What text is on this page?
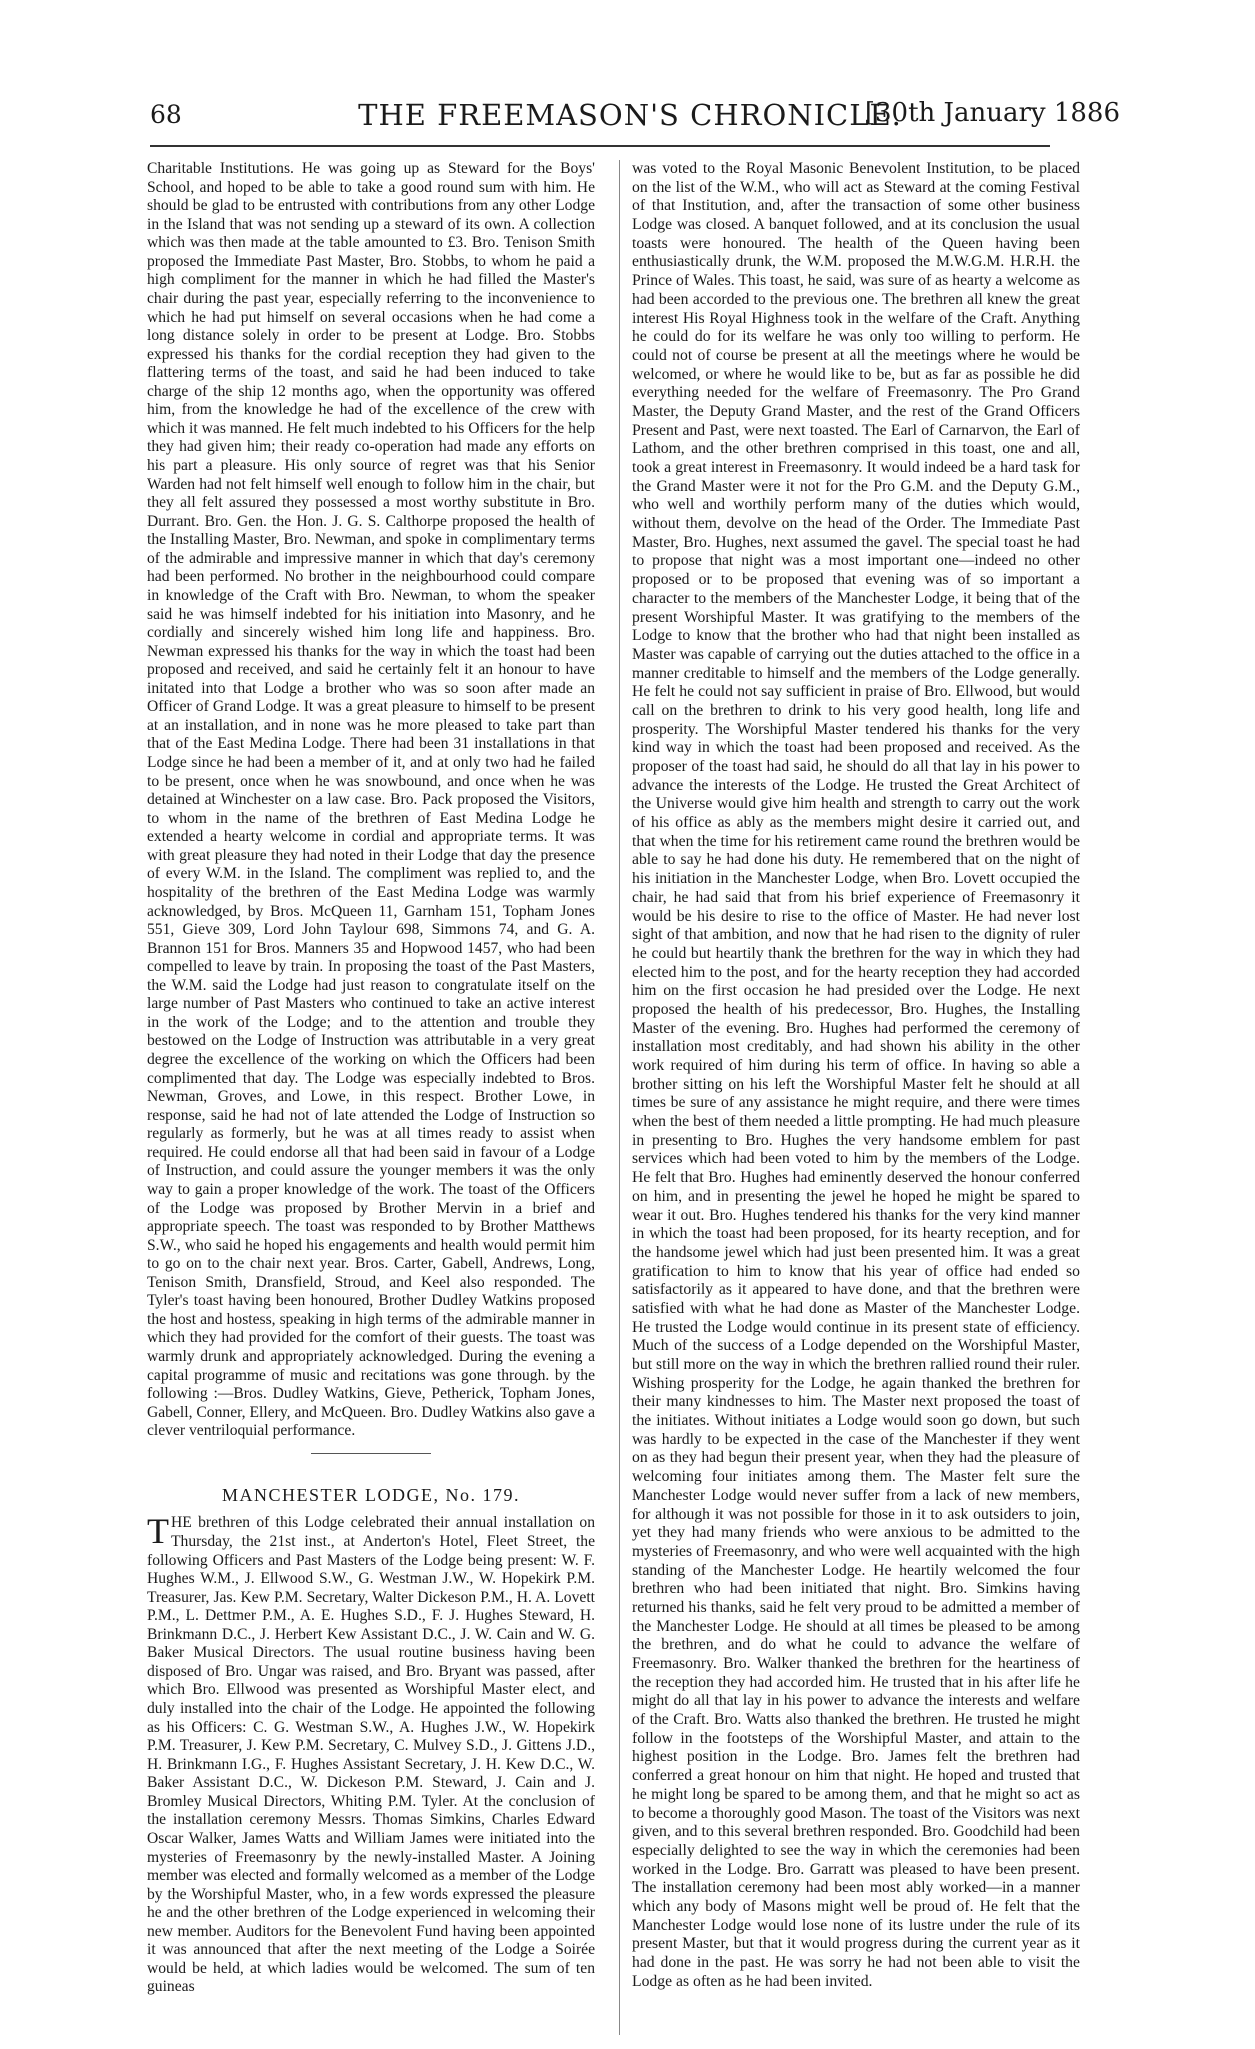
68	THE FREEMASON'S CHRONICLE.
[30th January 1886

Charitable Institutions. He was going up as Steward for the Boys' School, and hoped to be able to take a good round sum with him. He should be glad to be entrusted with contributions from any other Lodge in the Island that was not sending up a steward of its own. A collection which was then made at the table amounted to £3. Bro. Tenison Smith proposed the Immediate Past Master, Bro. Stobbs, to whom he paid a high compliment for the manner in which he had filled the Master's chair during the past year, especially referring to the inconvenience to which he had put himself on several occasions when he had come a long distance solely in order to be present at Lodge. Bro. Stobbs expressed his thanks for the cordial reception they had given to the flattering terms of the toast, and said he had been induced to take charge of the ship 12 months ago, when the opportunity was offered him, from the knowledge he had of the excellence of the crew with which it was manned. He felt much indebted to his Officers for the help they had given him; their ready co-operation had made any efforts on his part a pleasure. His only source of regret was that his Senior Warden had not felt himself well enough to follow him in the chair, but they all felt assured they possessed a most worthy substitute in Bro. Durrant. Bro. Gen. the Hon. J. G. S. Calthorpe proposed the health of the Installing Master, Bro. Newman, and spoke in complimentary terms of the admirable and impressive manner in which that day's ceremony had been performed. No brother in the neighbourhood could compare in knowledge of the Craft with Bro. Newman, to whom the speaker said he was himself indebted for his initiation into Masonry, and he cordially and sincerely wished him long life and happiness. Bro. Newman expressed his thanks for the way in which the toast had been proposed and received, and said he certainly felt it an honour to have initated into that Lodge a brother who was so soon after made an Officer of Grand Lodge. It was a great pleasure to himself to be present at an installation, and in none was he more pleased to take part than that of the East Medina Lodge. There had been 31 installations in that Lodge since he had been a member of it, and at only two had he failed to be present, once when he was snowbound, and once when he was detained at Winchester on a law case. Bro. Pack proposed the Visitors, to whom in the name of the brethren of East Medina Lodge he extended a hearty welcome in cordial and appropriate terms. It was with great pleasure they had noted in their Lodge that day the presence of every W.M. in the Island. The compliment was replied to, and the hospitality of the brethren of the East Medina Lodge was warmly acknowledged, by Bros. McQueen 11, Garnham 151, Topham Jones 551, Gieve 309, Lord John Taylour 698, Simmons 74, and G. A. Brannon 151 for Bros. Manners 35 and Hopwood 1457, who had been compelled to leave by train. In proposing the toast of the Past Masters, the W.M. said the Lodge had just reason to congratulate itself on the large number of Past Masters who continued to take an active interest in the work of the Lodge; and to the attention and trouble they bestowed on the Lodge of Instruction was attributable in a very great degree the excellence of the working on which the Officers had been complimented that day. The Lodge was especially indebted to Bros. Newman, Groves, and Lowe, in this respect. Brother Lowe, in response, said he had not of late attended the Lodge of Instruction so regularly as formerly, but he was at all times ready to assist when required. He could endorse all that had been said in favour of a Lodge of Instruction, and could assure the younger members it was the only way to gain a proper knowledge of the work. The toast of the Officers of the Lodge was proposed by Brother Mervin in a brief and appropriate speech. The toast was responded to by Brother Matthews S.W., who said he hoped his engagements and health would permit him to go on to the chair next year. Bros. Carter, Gabell, Andrews, Long, Tenison Smith, Dransfield, Stroud, and Keel also responded. The Tyler's toast having been honoured, Brother Dudley Watkins proposed the host and hostess, speaking in high terms of the admirable manner in which they had provided for the comfort of their guests. The toast was warmly drunk and appropriately acknowledged. During the evening a capital programme of music and recitations was gone through. by the following :—Bros. Dudley Watkins, Gieve, Petherick, Topham Jones, Gabell, Conner, Ellery, and McQueen. Bro. Dudley Watkins also gave a clever ventriloquial performance.

MANCHESTER LODGE, No. 179.

THE brethren of this Lodge celebrated their annual installation on Thursday, the 21st inst., at Anderton's Hotel, Fleet Street, the following Officers and Past Masters of the Lodge being present: W. F. Hughes W.M., J. Ellwood S.W., G. Westman J.W., W. Hopekirk P.M. Treasurer, Jas. Kew P.M. Secretary, Walter Dickeson P.M., H. A. Lovett P.M., L. Dettmer P.M., A. E. Hughes S.D., F. J. Hughes Steward, H. Brinkmann D.C., J. Herbert Kew Assistant D.C., J. W. Cain and W. G. Baker Musical Directors. The usual routine business having been disposed of Bro. Ungar was raised, and Bro. Bryant was passed, after which Bro. Ellwood was presented as Worshipful Master elect, and duly installed into the chair of the Lodge. He appointed the following as his Officers: C. G. Westman S.W., A. Hughes J.W., W. Hopekirk P.M. Treasurer, J. Kew P.M. Secretary, C. Mulvey S.D., J. Gittens J.D., H. Brinkmann I.G., F. Hughes Assistant Secretary, J. H. Kew D.C., W. Baker Assistant D.C., W. Dickeson P.M. Steward, J. Cain and J. Bromley Musical Directors, Whiting P.M. Tyler. At the conclusion of the installation ceremony Messrs. Thomas Simkins, Charles Edward Oscar Walker, James Watts and William James were initiated into the mysteries of Freemasonry by the newly-installed Master. A Joining member was elected and formally welcomed as a member of the Lodge by the Worshipful Master, who, in a few words expressed the pleasure he and the other brethren of the Lodge experienced in welcoming their new member. Auditors for the Benevolent Fund having been appointed it was announced that after the next meeting of the Lodge a Soirée would be held, at which ladies would be welcomed. The sum of ten guineas

was voted to the Royal Masonic Benevolent Institution, to be placed on the list of the W.M., who will act as Steward at the coming Festival of that Institution, and, after the transaction of some other business Lodge was closed. A banquet followed, and at its conclusion the usual toasts were honoured. The health of the Queen having been enthusiastically drunk, the W.M. proposed the M.W.G.M. H.R.H. the Prince of Wales. This toast, he said, was sure of as hearty a welcome as had been accorded to the previous one. The brethren all knew the great interest His Royal Highness took in the welfare of the Craft. Anything he could do for its welfare he was only too willing to perform. He could not of course be present at all the meetings where he would be welcomed, or where he would like to be, but as far as possible he did everything needed for the welfare of Freemasonry. The Pro Grand Master, the Deputy Grand Master, and the rest of the Grand Officers Present and Past, were next toasted. The Earl of Carnarvon, the Earl of Lathom, and the other brethren comprised in this toast, one and all, took a great interest in Freemasonry. It would indeed be a hard task for the Grand Master were it not for the Pro G.M. and the Deputy G.M., who well and worthily perform many of the duties which would, without them, devolve on the head of the Order. The Immediate Past Master, Bro. Hughes, next assumed the gavel. The special toast he had to propose that night was a most important one—indeed no other proposed or to be proposed that evening was of so important a character to the members of the Manchester Lodge, it being that of the present Worshipful Master. It was gratifying to the members of the Lodge to know that the brother who had that night been installed as Master was capable of carrying out the duties attached to the office in a manner creditable to himself and the members of the Lodge generally. He felt he could not say sufficient in praise of Bro. Ellwood, but would call on the brethren to drink to his very good health, long life and prosperity. The Worshipful Master tendered his thanks for the very kind way in which the toast had been proposed and received. As the proposer of the toast had said, he should do all that lay in his power to advance the interests of the Lodge. He trusted the Great Architect of the Universe would give him health and strength to carry out the work of his office as ably as the members might desire it carried out, and that when the time for his retirement came round the brethren would be able to say he had done his duty. He remembered that on the night of his initiation in the Manchester Lodge, when Bro. Lovett occupied the chair, he had said that from his brief experience of Freemasonry it would be his desire to rise to the office of Master. He had never lost sight of that ambition, and now that he had risen to the dignity of ruler he could but heartily thank the brethren for the way in which they had elected him to the post, and for the hearty reception they had accorded him on the first occasion he had presided over the Lodge. He next proposed the health of his predecessor, Bro. Hughes, the Installing Master of the evening. Bro. Hughes had performed the ceremony of installation most creditably, and had shown his ability in the other work required of him during his term of office. In having so able a brother sitting on his left the Worshipful Master felt he should at all times be sure of any assistance he might require, and there were times when the best of them needed a little prompting. He had much pleasure in presenting to Bro. Hughes the very handsome emblem for past services which had been voted to him by the members of the Lodge. He felt that Bro. Hughes had eminently deserved the honour conferred on him, and in presenting the jewel he hoped he might be spared to wear it out. Bro. Hughes tendered his thanks for the very kind manner in which the toast had been proposed, for its hearty reception, and for the handsome jewel which had just been presented him. It was a great gratification to him to know that his year of office had ended so satisfactorily as it appeared to have done, and that the brethren were satisfied with what he had done as Master of the Manchester Lodge. He trusted the Lodge would continue in its present state of efficiency. Much of the success of a Lodge depended on the Worshipful Master, but still more on the way in which the brethren rallied round their ruler. Wishing prosperity for the Lodge, he again thanked the brethren for their many kindnesses to him. The Master next proposed the toast of the initiates. Without initiates a Lodge would soon go down, but such was hardly to be expected in the case of the Manchester if they went on as they had begun their present year, when they had the pleasure of welcoming four initiates among them. The Master felt sure the Manchester Lodge would never suffer from a lack of new members, for although it was not possible for those in it to ask outsiders to join, yet they had many friends who were anxious to be admitted to the mysteries of Freemasonry, and who were well acquainted with the high standing of the Manchester Lodge. He heartily welcomed the four brethren who had been initiated that night. Bro. Simkins having returned his thanks, said he felt very proud to be admitted a member of the Manchester Lodge. He should at all times be pleased to be among the brethren, and do what he could to advance the welfare of Freemasonry. Bro. Walker thanked the brethren for the heartiness of the reception they had accorded him. He trusted that in his after life he might do all that lay in his power to advance the interests and welfare of the Craft. Bro. Watts also thanked the brethren. He trusted he might follow in the footsteps of the Worshipful Master, and attain to the highest position in the Lodge. Bro. James felt the brethren had conferred a great honour on him that night. He hoped and trusted that he might long be spared to be among them, and that he might so act as to become a thoroughly good Mason. The toast of the Visitors was next given, and to this several brethren responded. Bro. Goodchild had been especially delighted to see the way in which the ceremonies had been worked in the Lodge. Bro. Garratt was pleased to have been present. The installation ceremony had been most ably worked—in a manner which any body of Masons might well be proud of. He felt that the Manchester Lodge would lose none of its lustre under the rule of its present Master, but that it would progress during the current year as it had done in the past. He was sorry he had not been able to visit the Lodge as often as he had been invited.
